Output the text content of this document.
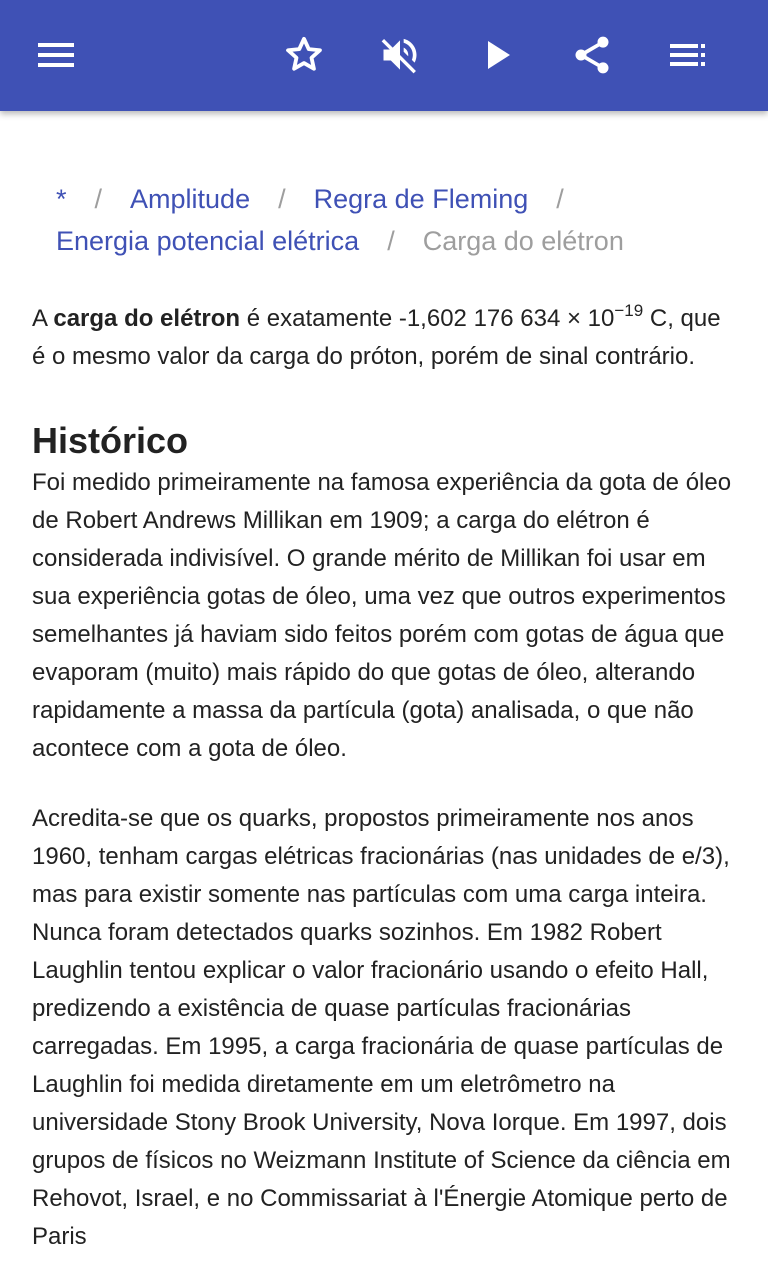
* / Amplitude / Regra de Fleming /
Energia potencial elétrica / Carga do elétron

A carga do elétron é exatamente -1,602 176 $634 \times 10^{-19}$ C, que é o mesmo valor da carga do próton, porém de sinal contrário.

Histórico

Foi medido primeiramente na famosa experiência da gota de óleo de Robert Andrews Millikan em 1909; a carga do elétron é considerada indivisível. O grande mérito de Millikan foi usar em sua experiência gotas de óleo, uma vez que outros experimentos semelhantes já haviam sido feitos porém com gotas de água que evaporam (muito) mais rápido do que gotas de óleo, alterando rapidamente a massa da partícula (gota) analisada, o que não acontece com a gota de óleo.

Acredita-se que os quarks, propostos primeiramente nos anos 1960, tenham cargas elétricas fracionárias (nas unidades de e/3), mas para existir somente nas partículas com uma carga inteira. Nunca foram detectados quarks sozinhos. Em 1982 Robert Laughlin tentou explicar o valor fracionário usando o efeito Hall, predizendo a existência de quase partículas fracionárias carregadas. Em 1995, a carga fracionária de quase partículas de Laughlin foi medida diretamente em um eletrômetro na universidade Stony Brook University, Nova Iorque. Em 1997, dois grupos de físicos no Weizmann Institute of Science da ciência em Rehovot, Israel, e no Commissariat à l'Énergie Atomique perto de Paris
